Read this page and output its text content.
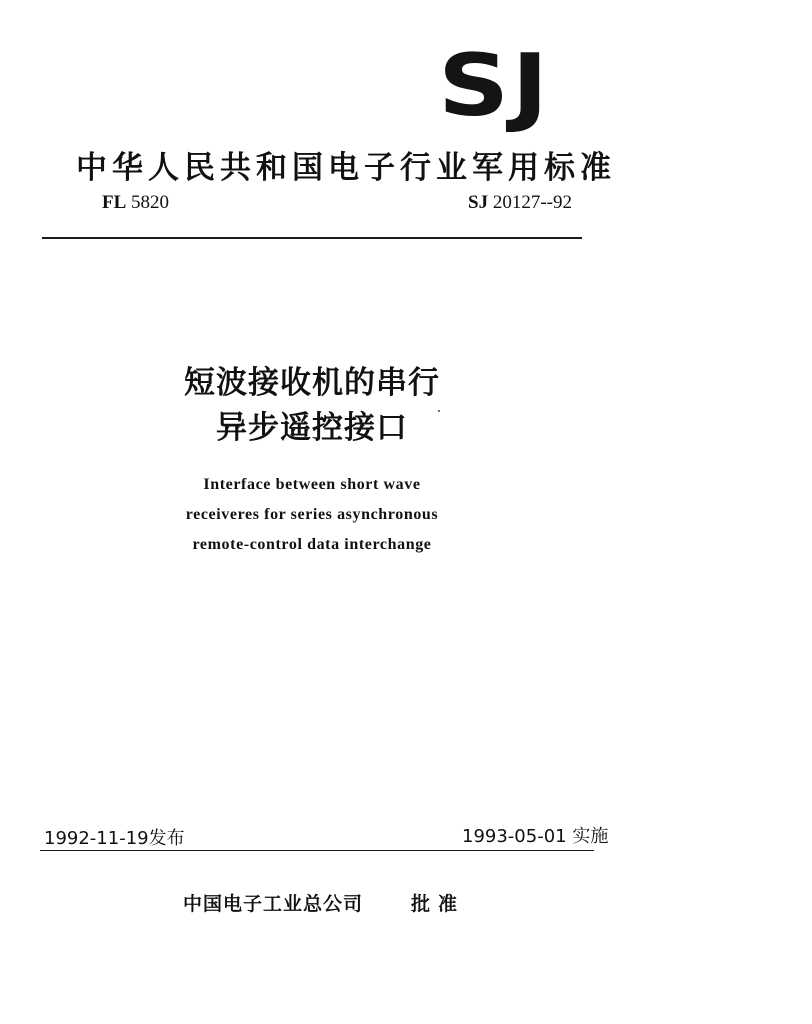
SJ
中华人民共和国电子行业军用标准
FL 5820	SJ 20127--92
短波接收机的串行
异步遥控接口
Interface between short wave
receiveres for series asynchronous
remote-control data interchange
1992-11-19发布	1993-05-01 实施
中国电子工业总公司	批准
